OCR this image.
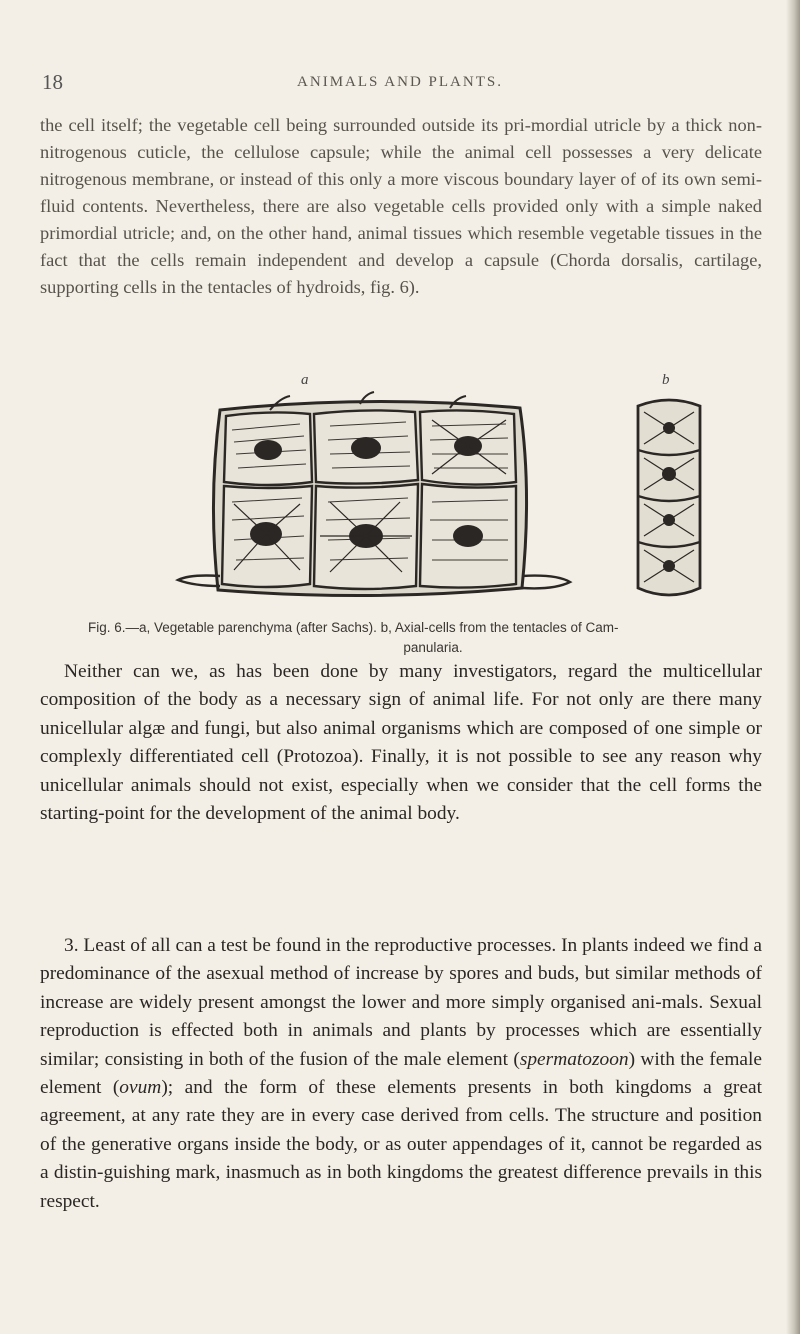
18	ANIMALS AND PLANTS.

the cell itself; the vegetable cell being surrounded outside its pri-mordial utricle by a thick non-nitrogenous cuticle, the cellulose capsule; while the animal cell possesses a very delicate nitrogenous membrane, or instead of this only a more viscous boundary layer of of its own semi-fluid contents. Nevertheless, there are also vegetable cells provided only with a simple naked primordial utricle; and, on the other hand, animal tissues which resemble vegetable tissues in the fact that the cells remain independent and develop a capsule (Chorda dorsalis, cartilage, supporting cells in the tentacles of hydroids, fig. 6).

a	b

Fig. 6.—a, Vegetable parenchyma (after Sachs). b, Axial-cells from the tentacles of Cam-
panularia.

Neither can we, as has been done by many investigators, regard the multicellular composition of the body as a necessary sign of animal life. For not only are there many unicellular algæ and fungi, but also animal organisms which are composed of one simple or complexly differentiated cell (Protozoa). Finally, it is not possible to see any reason why unicellular animals should not exist, especially when we consider that the cell forms the starting-point for the development of the animal body.

3. Least of all can a test be found in the reproductive processes. In plants indeed we find a predominance of the asexual method of increase by spores and buds, but similar methods of increase are widely present amongst the lower and more simply organised ani-mals. Sexual reproduction is effected both in animals and plants by processes which are essentially similar; consisting in both of the fusion of the male element (spermatozoon) with the female element (ovum); and the form of these elements presents in both kingdoms a great agreement, at any rate they are in every case derived from cells. The structure and position of the generative organs inside the body, or as outer appendages of it, cannot be regarded as a distin-guishing mark, inasmuch as in both kingdoms the greatest difference prevails in this respect.
